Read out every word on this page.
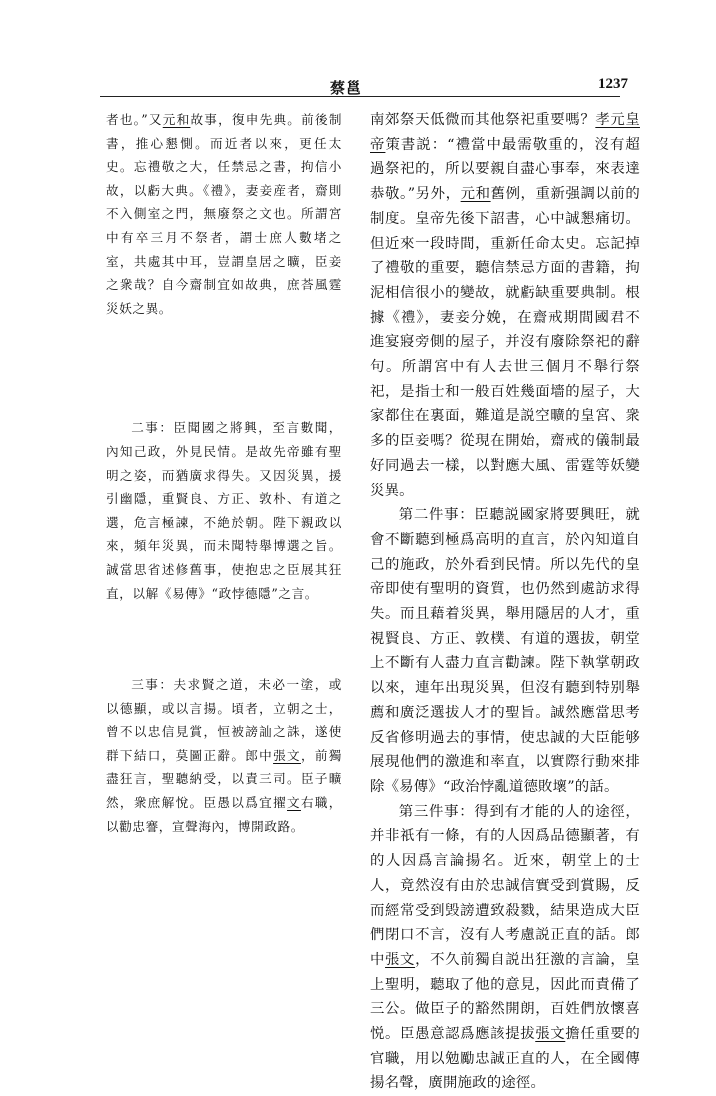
蔡邕	1237

者也。”又元和故事，復申先典。前後制書，推心懇惻。而近者以來，更任太史。忘禮敬之大，任禁忌之書，拘信小故，以虧大典。《禮》，妻妾産者，齋則不入側室之門，無廢祭之文也。所謂宮中有卒三月不祭者，謂士庶人數堵之室，共處其中耳，豈謂皇居之曠，臣妾之衆哉？自今齋制宜如故典，庶荅風霆災妖之異。

二事：臣聞國之將興，至言數聞，內知己政，外見民情。是故先帝雖有聖明之姿，而猶廣求得失。又因災異，援引幽隱，重賢良、方正、敦朴、有道之選，危言極諫，不絶於朝。陛下親政以來，頻年災異，而未聞特舉博選之旨。誠當思省述修舊事，使抱忠之臣展其狂直，以解《易傳》“政悖德隱”之言。

三事：夫求賢之道，未必一塗，或以德顯，或以言揚。頃者，立朝之士，曾不以忠信見賞，恒被謗訕之誅，遂使群下結口，莫圖正辭。郎中張文，前獨盡狂言，聖聽納受，以責三司。臣子曠然，衆庶解悅。臣愚以爲宜擢文右職，以勸忠謇，宣聲海內，博開政路。

南郊祭天低微而其他祭祀重要嗎？孝元皇帝策書説：“禮當中最需敬重的，沒有超過祭祀的，所以要親自盡心事奉，來表達恭敬。”另外，元和舊例，重新强調以前的制度。皇帝先後下詔書，心中誠懇痛切。但近來一段時間，重新任命太史。忘記掉了禮敬的重要，聽信禁忌方面的書籍，拘泥相信很小的變故，就虧缺重要典制。根據《禮》，妻妾分娩，在齋戒期間國君不進宴寢旁側的屋子，并沒有廢除祭祀的辭句。所謂宮中有人去世三個月不舉行祭祀，是指士和一般百姓幾面墻的屋子，大家都住在裏面，難道是説空曠的皇宮、衆多的臣妾嗎？從現在開始，齋戒的儀制最好同過去一樣，以對應大風、雷霆等妖變災異。

第二件事：臣聽説國家將要興旺，就會不斷聽到極爲高明的直言，於內知道自己的施政，於外看到民情。所以先代的皇帝即使有聖明的資質，也仍然到處訪求得失。而且藉着災異，舉用隱居的人才，重視賢良、方正、敦樸、有道的選拔，朝堂上不斷有人盡力直言勸諫。陛下執掌朝政以來，連年出現災異，但沒有聽到特别舉薦和廣泛選拔人才的聖旨。誠然應當思考反省修明過去的事情，使忠誠的大臣能够展現他們的激進和率直，以實際行動來排除《易傳》“政治悖亂道德敗壞”的話。

第三件事：得到有才能的人的途徑，并非祇有一條，有的人因爲品德顯著，有的人因爲言論揚名。近來，朝堂上的士人，竟然沒有由於忠誠信實受到賞賜，反而經常受到毁謗遭致殺戮，結果造成大臣們閉口不言，沒有人考慮説正直的話。郎中張文，不久前獨自説出狂激的言論，皇上聖明，聽取了他的意見，因此而責備了三公。做臣子的豁然開朗，百姓們放懷喜悦。臣愚意認爲應該提拔張文擔任重要的官職，用以勉勵忠誠正直的人，在全國傳揚名聲，廣開施政的途徑。
